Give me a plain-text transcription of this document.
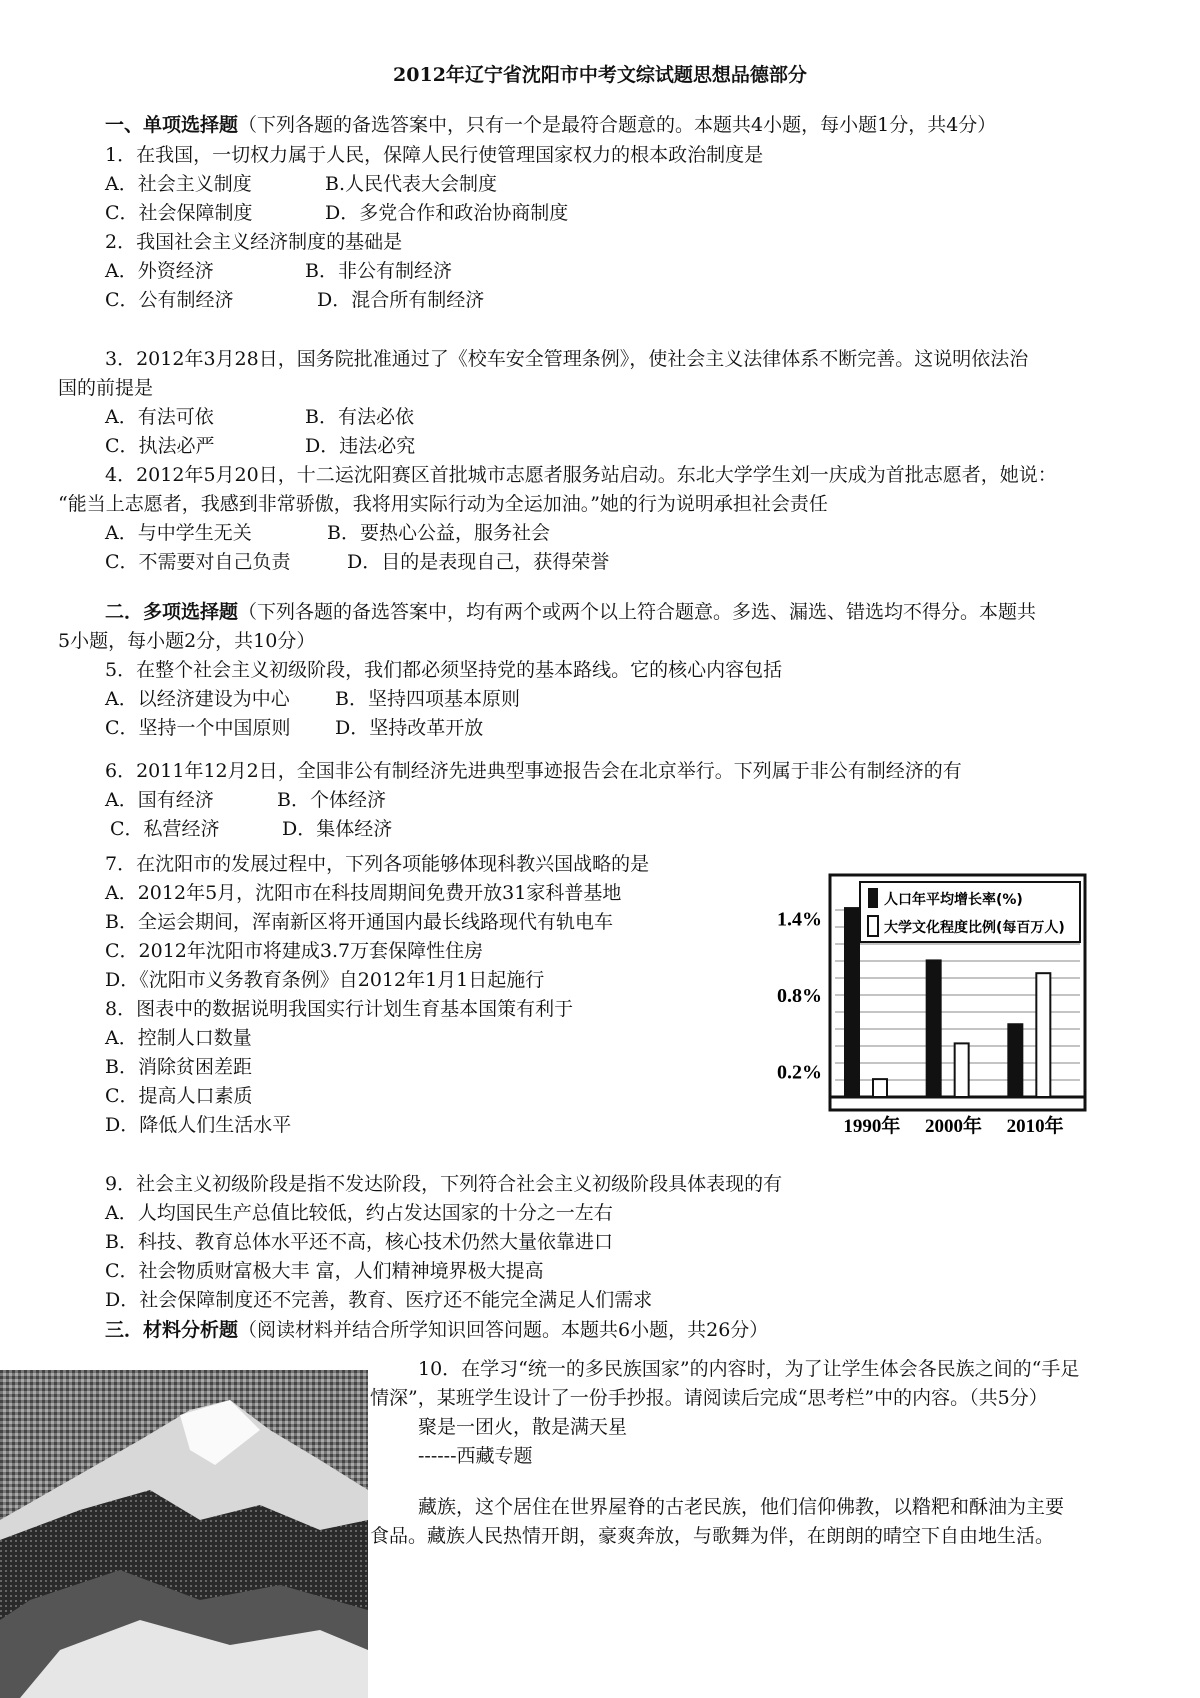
2012年辽宁省沈阳市中考文综试题思想品德部分
一、单项选择题（下列各题的备选答案中，只有一个是最符合题意的。本题共4小题，每小题1分，共4分）
1．在我国，一切权力属于人民，保障人民行使管理国家权力的根本政治制度是
A．社会主义制度	B.人民代表大会制度
C．社会保障制度	D．多党合作和政治协商制度
2．我国社会主义经济制度的基础是
A．外资经济	B．非公有制经济
C．公有制经济	D．混合所有制经济
3．2012年3月28日，国务院批准通过了《校车安全管理条例》，使社会主义法律体系不断完善。这说明依法治
国的前提是
A．有法可依	B．有法必依
C．执法必严	D．违法必究
4．2012年5月20日，十二运沈阳赛区首批城市志愿者服务站启动。东北大学学生刘一庆成为首批志愿者，她说：
“能当上志愿者，我感到非常骄傲，我将用实际行动为全运加油。”她的行为说明承担社会责任
A．与中学生无关	B．要热心公益，服务社会
C．不需要对自己负责	D．目的是表现自己，获得荣誉
二．多项选择题（下列各题的备选答案中，均有两个或两个以上符合题意。多选、漏选、错选均不得分。本题共
5小题，每小题2分，共10分）
5．在整个社会主义初级阶段，我们都必须坚持党的基本路线。它的核心内容包括
A．以经济建设为中心 B．坚持四项基本原则
C．坚持一个中国原则 D．坚持改革开放
6．2011年12月2日，全国非公有制经济先进典型事迹报告会在北京举行。下列属于非公有制经济的有
A．国有经济	B．个体经济
C．私营经济	D．集体经济
7．在沈阳市的发展过程中，下列各项能够体现科教兴国战略的是
A．2012年5月，沈阳市在科技周期间免费开放31家科普基地
B．全运会期间，浑南新区将开通国内最长线路现代有轨电车
C．2012年沈阳市将建成3.7万套保障性住房
D．《沈阳市义务教育条例》自2012年1月1日起施行
8．图表中的数据说明我国实行计划生育基本国策有利于
A．控制人口数量
B．消除贫困差距
C．提高人口素质
D．降低人们生活水平
9．社会主义初级阶段是指不发达阶段，下列符合社会主义初级阶段具体表现的有
A．人均国民生产总值比较低，约占发达国家的十分之一左右
B．科技、教育总体水平还不高，核心技术仍然大量依靠进口
C．社会物质财富极大丰 富，人们精神境界极大提高
D．社会保障制度还不完善，教育、医疗还不能完全满足人们需求
三．材料分析题（阅读材料并结合所学知识回答问题。本题共6小题，共26分）
10．在学习“统一的多民族国家”的内容时，为了让学生体会各民族之间的“手足
情深”，某班学生设计了一份手抄报。请阅读后完成“思考栏”中的内容。（共5分）
聚是一团火，散是满天星
------西藏专题
藏族，这个居住在世界屋脊的古老民族，他们信仰佛教，以糌粑和酥油为主要
食品。藏族人民热情开朗，豪爽奔放，与歌舞为伴，在朗朗的晴空下自由地生活。
1.4%
0.8%
0.2%
1990年 2000年 2010年
人口年平均增长率(%)
大学文化程度比例(每百万人)
